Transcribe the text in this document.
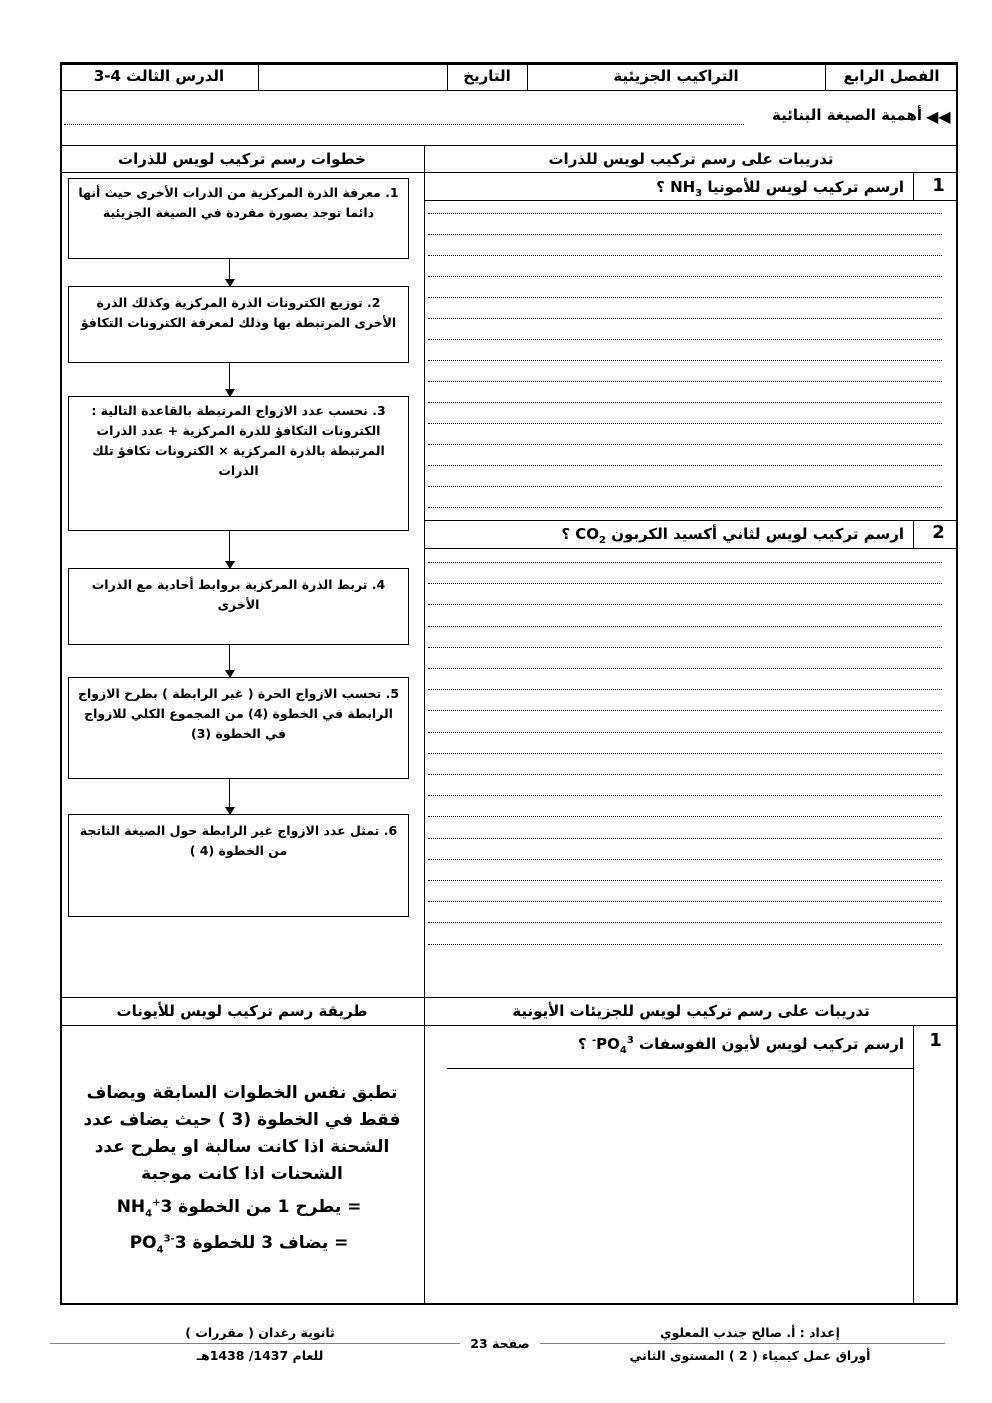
الدرس الثالث 4-3	التاريخ	التراكيب الجزيئية	الفصل الرابع
◀◀
أهمية الصيغة البنائية
خطوات رسم تركيب لويس للذرات	تدريبات على رسم تركيب لويس للذرات
1. معرفة الذرة المركزية من الذرات الأخرى حيث أنها دائما توجد بصورة مفردة في الصيغة الجزيئية
2. توزيع الكترونات الذرة المركزية وكذلك الذرة الأخرى المرتبطة بها وذلك لمعرفة الكترونات التكافؤ
3. نحسب عدد الازواج المرتبطة بالقاعدة التالية : الكترونات التكافؤ للذرة المركزية + عدد الذرات المرتبطة بالذرة المركزية × الكترونات تكافؤ تلك الذرات
4. تربط الذرة المركزية بروابط أحادية مع الذرات الأخرى
5. تحسب الازواج الحرة ( غير الرابطة ) بطرح الازواج الرابطة في الخطوة (4) من المجموع الكلي للازواج في الخطوة (3)
6. تمثل عدد الازواج غير الرابطة حول الصيغة الناتجة من الخطوة (4 )
1
ارسم تركيب لويس للأمونيا $NH_3$ ؟
2
ارسم تركيب لويس لثاني أكسيد الكربون $CO_2$ ؟
طريقة رسم تركيب لويس للأيونات	تدريبات على رسم تركيب لويس للجزيئات الأيونية
تطبق نفس الخطوات السابقة ويضاف فقط في الخطوة (3 ) حيث يضاف عدد الشحنة اذا كانت سالبة او يطرح عدد الشحنات اذا كانت موجبة
$NH_4^+$ = يطرح 1 من الخطوة 3
$PO_4^{3-}$ = يضاف 3 للخطوة 3
1
ارسم تركيب لويس لأيون الفوسفات $PO_4^{3-}$ ؟
إعداد : أ. صالح جندب المعلوي
أوراق عمل كيمياء ( 2 ) المستوى الثاني
صفحة 23
ثانوية رغدان ( مقررات )
للعام 1437/ 1438هـ
